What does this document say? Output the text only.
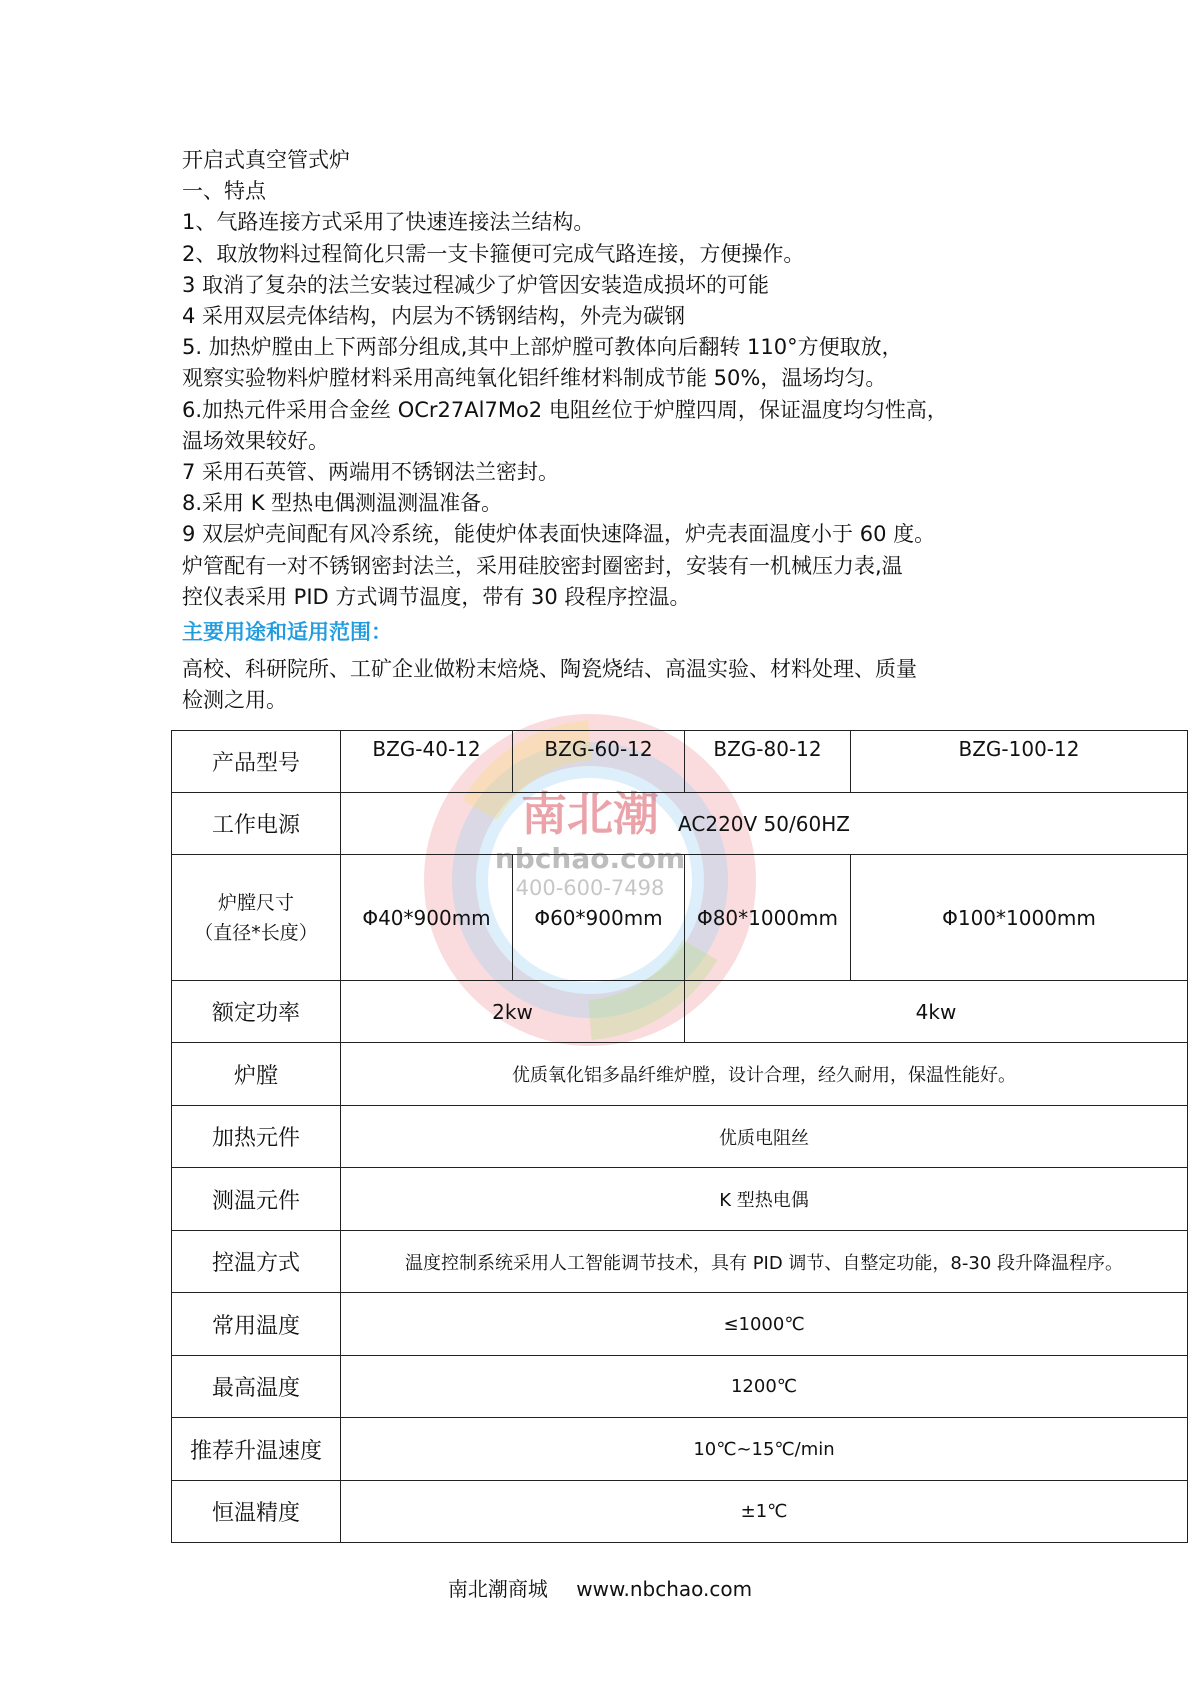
开启式真空管式炉

一、特点

1、气路连接方式采用了快速连接法兰结构。

2、取放物料过程简化只需一支卡箍便可完成气路连接，方便操作。

3 取消了复杂的法兰安装过程减少了炉管因安装造成损坏的可能

4 采用双层壳体结构，内层为不锈钢结构，外壳为碳钢

5. 加热炉膛由上下两部分组成,其中上部炉膛可教体向后翻转 110°方便取放，

观察实验物料炉膛材料采用高纯氧化铝纤维材料制成节能 50%，温场均匀。

6.加热元件采用合金丝 OCr27Al7Mo2 电阻丝位于炉膛四周，保证温度均匀性高，

温场效果较好。

7 采用石英管、两端用不锈钢法兰密封。

8.采用 K 型热电偶测温测温准备。

9 双层炉壳间配有风冷系统，能使炉体表面快速降温，炉壳表面温度小于 60 度。

炉管配有一对不锈钢密封法兰，采用硅胶密封圈密封，安装有一机械压力表,温

控仪表采用 PID 方式调节温度，带有 30 段程序控温。

主要用途和适用范围：

高校、科研院所、工矿企业做粉末焙烧、陶瓷烧结、高温实验、材料处理、质量

检测之用。

南北潮
nbchao.com
400-600-7498
产品型号	BZG-40-12	BZG-60-12	BZG-80-12	BZG-100-12
工作电源	AC220V 50/60HZ			

炉膛尺寸
（直径*长度）	Φ40*900mm	Φ60*900mm	Φ80*1000mm	Φ100*1000mm
额定功率	2kw		4kw	
炉膛	优质氧化铝多晶纤维炉膛，设计合理，经久耐用，保温性能好。			
加热元件	优质电阻丝			
测温元件	K 型热电偶			
控温方式	温度控制系统采用人工智能调节技术，具有 PID 调节、自整定功能，8-30 段升降温程序。			
常用温度	≤1000℃			
最高温度	1200℃			
推荐升温速度	10℃~15℃/min			
恒温精度	±1℃			
南北潮商城 www.nbchao.com
